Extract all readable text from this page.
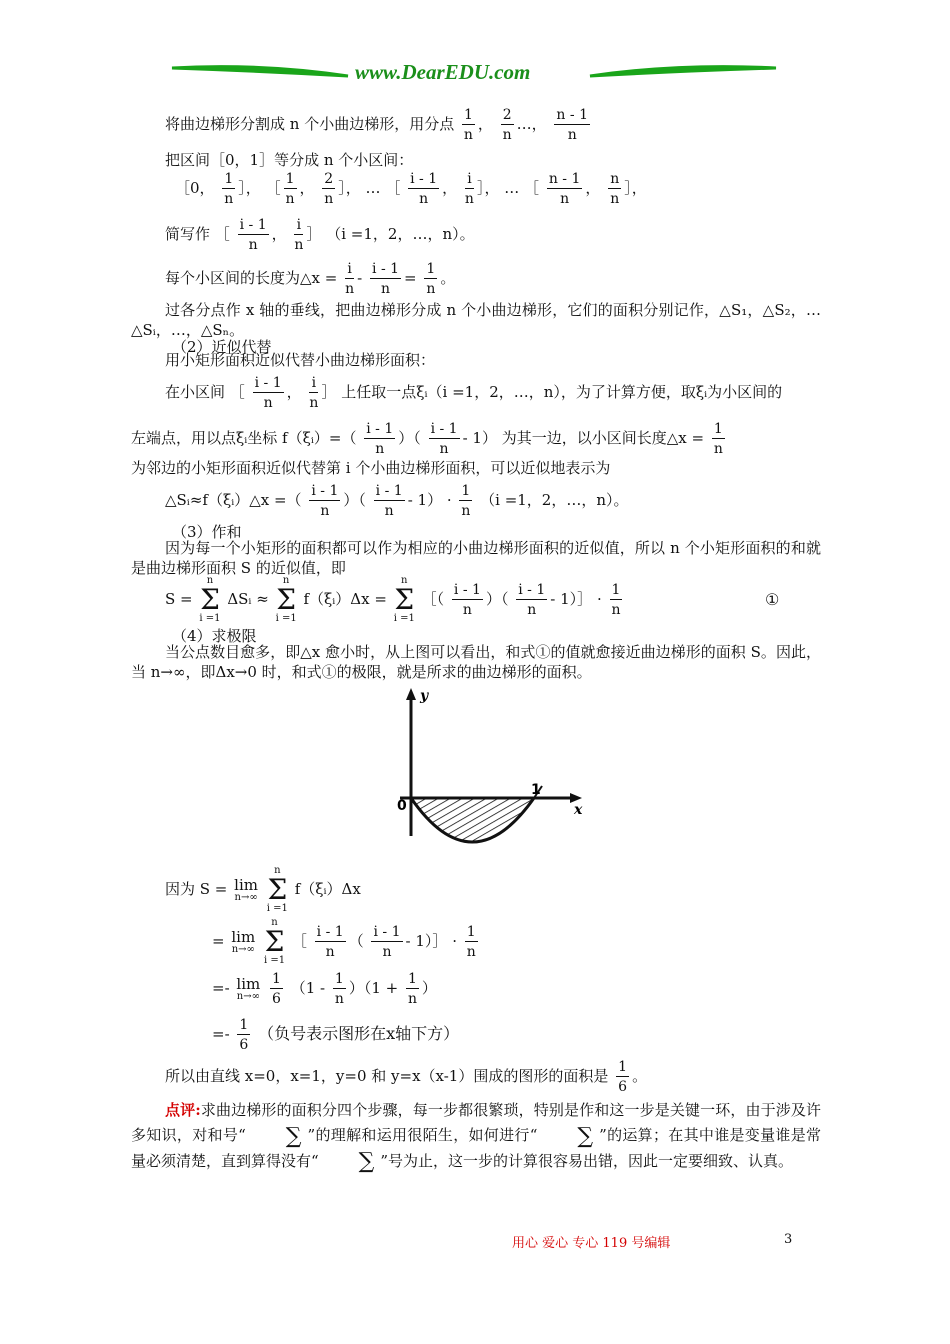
www.DearEDU.com
将曲边梯形分割成 n 个小曲边梯形，用分点 $\frac{1}{n}$ ， $\frac{2}{n}$ …， $\frac{n - 1}{n}$
把区间［0，1］等分成 n 个小区间：
［0， $\frac{1}{n}$ ］， ［ $\frac{1}{n}$ ， $\frac{2}{n}$ ］， … ［ $\frac{i - 1}{n}$ ， $\frac{i}{n}$ ］， … ［ $\frac{n - 1}{n}$ ， $\frac{n}{n}$ ］，
简写作 ［ $\frac{i - 1}{n}$ ， $\frac{i}{n}$ ］ （i =1，2，…，n）。
每个小区间的长度为△x = $\frac{i}{n} - \frac{i - 1}{n} = \frac{1}{n}$ 。
过各分点作 x 轴的垂线，把曲边梯形分成 n 个小曲边梯形，它们的面积分别记作，△S₁，△S₂，…△Sᵢ，…，△Sₙ。
（2）近似代替
用小矩形面积近似代替小曲边梯形面积：
在小区间 ［ $\frac{i - 1}{n}$ ， $\frac{i}{n}$ ］ 上任取一点ξᵢ（i =1，2，…，n），为了计算方便，取ξᵢ为小区间的
左端点，用以点ξᵢ坐标 f（ξᵢ）=（ $\frac{i - 1}{n}$ ）（ $\frac{i - 1}{n} - 1$） 为其一边，以小区间长度△x = $\frac{1}{n}$
为邻边的小矩形面积近似代替第 i 个小曲边梯形面积，可以近似地表示为
△Sᵢ≈f（ξᵢ）△x =（ $\frac{i - 1}{n}$ ）（ $\frac{i - 1}{n} - 1) \cdot \frac{1}{n} (i =1$，2，…，n）。
（3）作和
因为每一个小矩形的面积都可以作为相应的小曲边梯形面积的近似值，所以 n 个小矩形面积的和就是曲边梯形面积 S 的近似值，即
S =
n
Σ
i =1
ΔSᵢ ≈
n
Σ
i =1
f（ξᵢ）Δx =
n
Σ
i =1
［（ $\frac{i - 1}{n}$ ）（ $\frac{i - 1}{n}$ - 1）］ · $\frac{1}{n}$	①
（4）求极限
当公点数目愈多，即△x 愈小时，从上图可以看出，和式①的值就愈接近曲边梯形的面积 S。因此，当 n→∞，即Δx→0 时，和式①的极限，就是所求的曲边梯形的面积。
y
x
0
1
因为 S = lim
n→∞

n
Σ
i =1
f（ξᵢ）Δx
= lim
n→∞

n
Σ
i =1
［ $\frac{i - 1}{n}$ （ $\frac{i - 1}{n}$ - 1）］ · $\frac{1}{n}$
=- lim
n→∞
$\frac{1}{6} (1 - \frac{1}{n} )(1 + \frac{1}{n}$ ）
=- $\frac{1}{6}$ （负号表示图形在x轴下方）
所以由直线 x=0，x=1，y=0 和 y=x（x-1）围成的图形的面积是 $\frac{1}{6}$ 。
点评:求曲边梯形的面积分四个步骤，每一步都很繁琐，特别是作和这一步是关键一环，由于涉及许多知识，对和号“ ∑ ”的理解和运用很陌生，如何进行“ ∑ ”的运算；在其中谁是变量谁是常量必须清楚，直到算得没有“ ∑ ”号为止，这一步的计算很容易出错，因此一定要细致、认真。
用心 爱心 专心 119 号编辑	3
